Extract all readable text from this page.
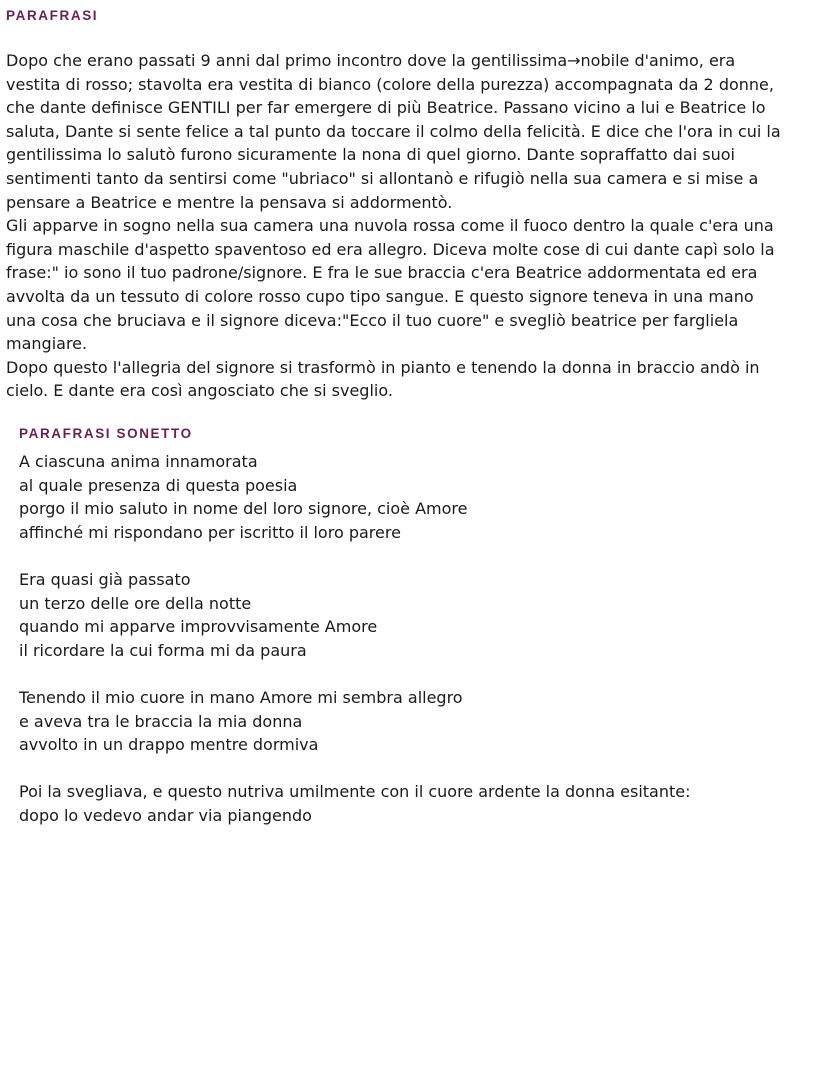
PARAFRASI

Dopo che erano passati 9 anni dal primo incontro dove la gentilissima→nobile d'animo, era
vestita di rosso; stavolta era vestita di bianco (colore della purezza) accompagnata da 2 donne,
che dante definisce GENTILI per far emergere di più Beatrice. Passano vicino a lui e Beatrice lo
saluta, Dante si sente felice a tal punto da toccare il colmo della felicità. E dice che l'ora in cui la
gentilissima lo salutò furono sicuramente la nona di quel giorno. Dante sopraffatto dai suoi
sentimenti tanto da sentirsi come "ubriaco" si allontanò e rifugiò nella sua camera e si mise a
pensare a Beatrice e mentre la pensava si addormentò.

Gli apparve in sogno nella sua camera una nuvola rossa come il fuoco dentro la quale c'era una
figura maschile d'aspetto spaventoso ed era allegro. Diceva molte cose di cui dante capì solo la
frase:" io sono il tuo padrone/signore. E fra le sue braccia c'era Beatrice addormentata ed era
avvolta da un tessuto di colore rosso cupo tipo sangue. E questo signore teneva in una mano
una cosa che bruciava e il signore diceva:"Ecco il tuo cuore" e svegliò beatrice per fargliela
mangiare.

Dopo questo l'allegria del signore si trasformò in pianto e tenendo la donna in braccio andò in
cielo. E dante era così angosciato che si sveglio.

PARAFRASI SONETTO
A ciascuna anima innamorata
al quale presenza di questa poesia
porgo il mio saluto in nome del loro signore, cioè Amore
affinché mi rispondano per iscritto il loro parere
Era quasi già passato
un terzo delle ore della notte
quando mi apparve improvvisamente Amore
il ricordare la cui forma mi da paura
Tenendo il mio cuore in mano Amore mi sembra allegro
e aveva tra le braccia la mia donna
avvolto in un drappo mentre dormiva
Poi la svegliava, e questo nutriva umilmente con il cuore ardente la donna esitante:
dopo lo vedevo andar via piangendo
